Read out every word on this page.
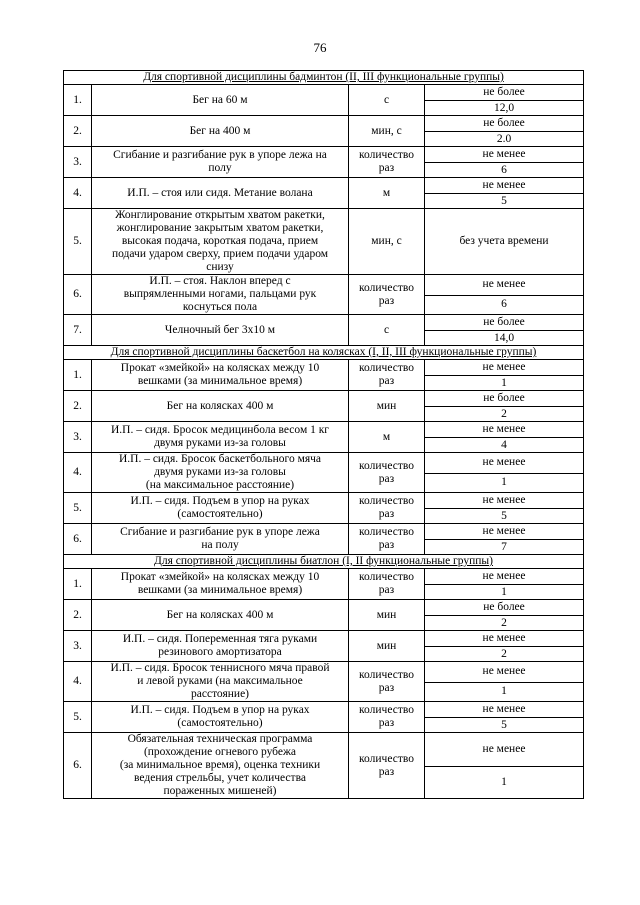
76
Для спортивной дисциплины бадминтон (II, III функциональные группы)			
1.	Бег на 60 м	с	не более
			12,0
2.	Бег на 400 м	мин, с	не более
			2.0
3.	Сгибание и разгибание рук в упоре лежа на
полу	количество
раз	не менее
			6
4.	И.П. – стоя или сидя. Метание волана	м	не менее
			5
5.	Жонглирование открытым хватом ракетки,
жонглирование закрытым хватом ракетки,
высокая подача, короткая подача, прием
подачи ударом сверху, прием подачи ударом
снизу	мин, с	без учета времени
6.	И.П. – стоя. Наклон вперед с
выпрямленными ногами, пальцами рук
коснуться пола	количество
раз	не менее
			6
7.	Челночный бег 3х10 м	с	не более
			14,0
Для спортивной дисциплины баскетбол на колясках (I, II, III функциональные группы)			
1.	Прокат «змейкой» на колясках между 10
вешками (за минимальное время)	количество
раз	не менее
			1
2.	Бег на колясках 400 м	мин	не более
			2
3.	И.П. – сидя. Бросок медицинбола весом 1 кг
двумя руками из-за головы	м	не менее
			4
4.	И.П. – сидя. Бросок баскетбольного мяча
двумя руками из-за головы
(на максимальное расстояние)	количество
раз	не менее
			1
5.	И.П. – сидя. Подъем в упор на руках
(самостоятельно)	количество
раз	не менее
			5
6.	Сгибание и разгибание рук в упоре лежа
на полу	количество
раз	не менее
			7
Для спортивной дисциплины биатлон (I, II функциональные группы)			
1.	Прокат «змейкой» на колясках между 10
вешками (за минимальное время)	количество
раз	не менее
			1
2.	Бег на колясках 400 м	мин	не более
			2
3.	И.П. – сидя. Попеременная тяга руками
резинового амортизатора	мин	не менее
			2
4.	И.П. – сидя. Бросок теннисного мяча правой
и левой руками (на максимальное
расстояние)	количество
раз	не менее
			1
5.	И.П. – сидя. Подъем в упор на руках
(самостоятельно)	количество
раз	не менее
			5
6.	Обязательная техническая программа
(прохождение огневого рубежа
(за минимальное время), оценка техники
ведения стрельбы, учет количества
пораженных мишеней)	количество
раз	не менее
			1
